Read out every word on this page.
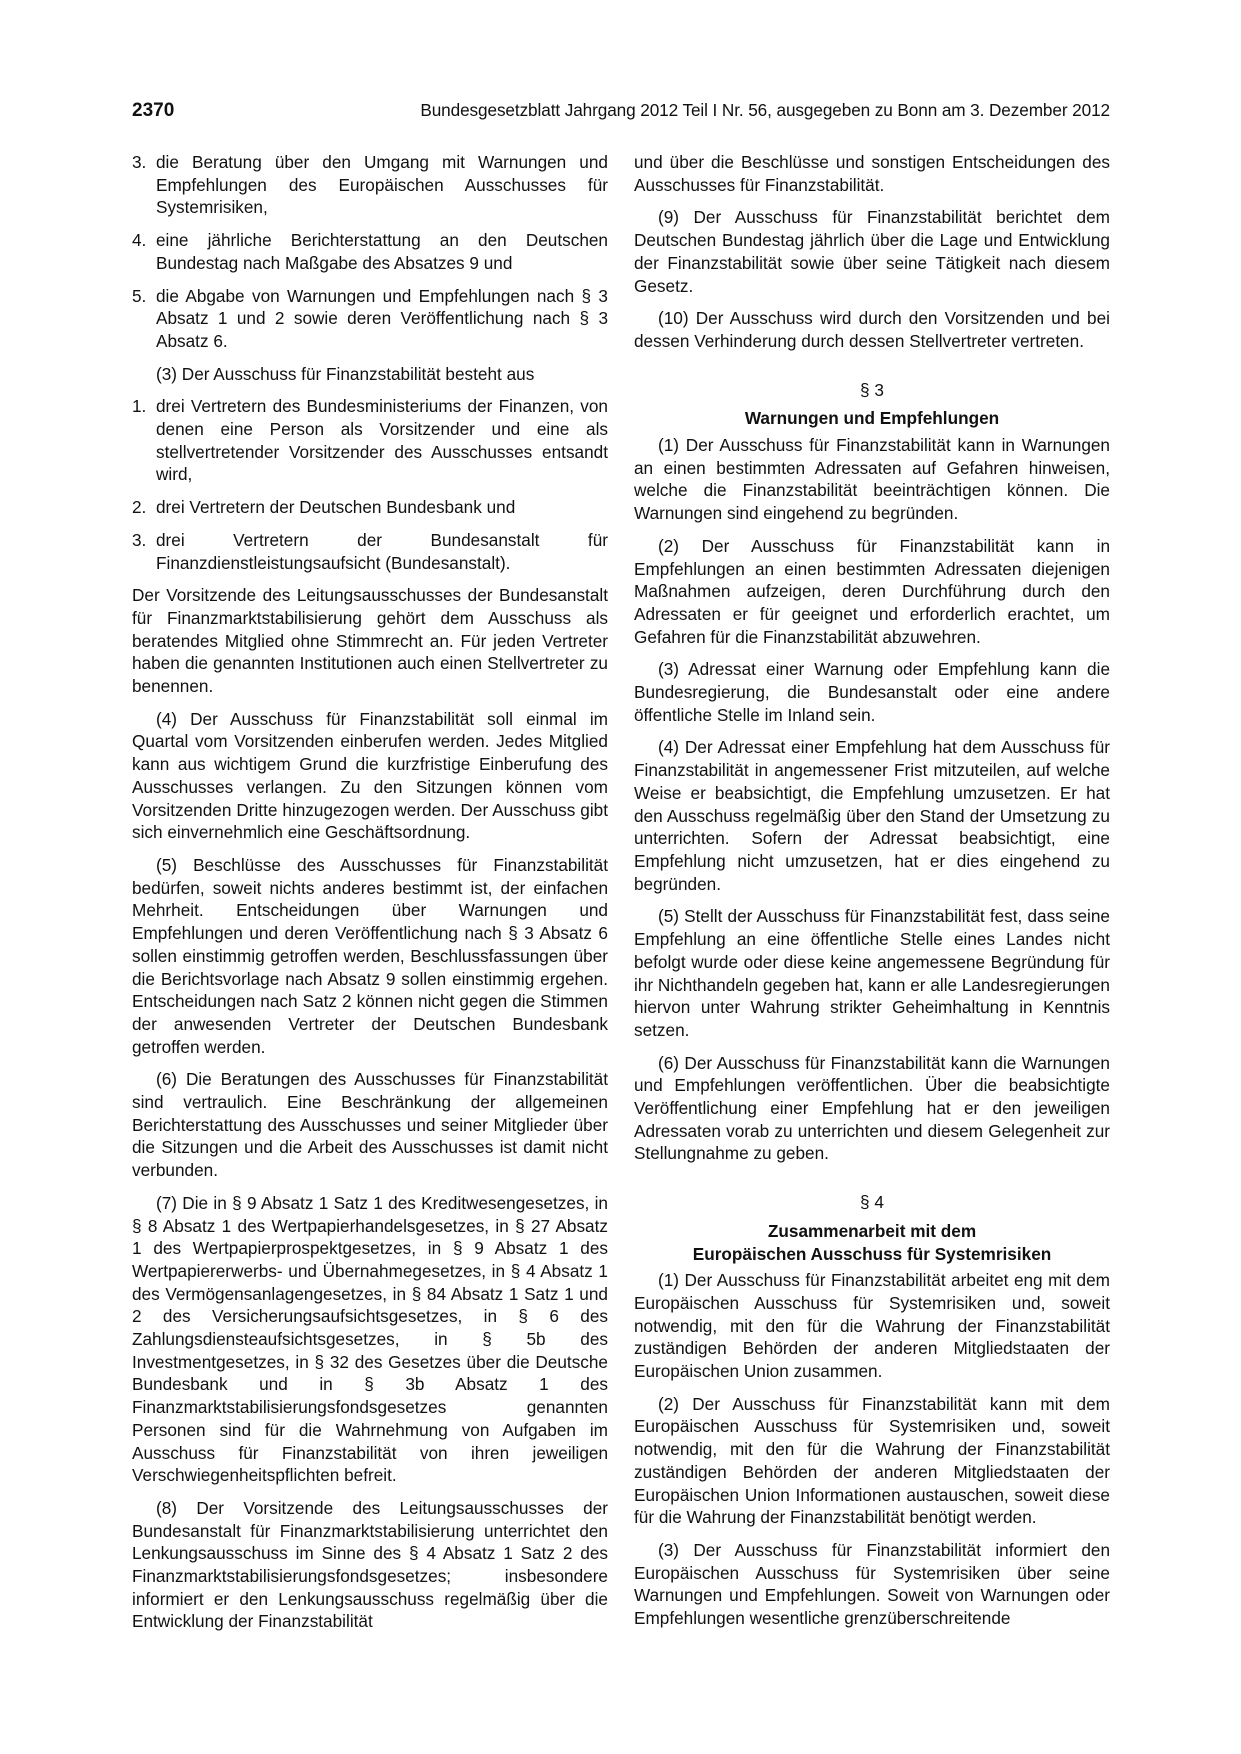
2370	Bundesgesetzblatt Jahrgang 2012 Teil I Nr. 56, ausgegeben zu Bonn am 3. Dezember 2012

3. die Beratung über den Umgang mit Warnungen und Empfehlungen des Europäischen Ausschusses für Systemrisiken,

4. eine jährliche Berichterstattung an den Deutschen Bundestag nach Maßgabe des Absatzes 9 und

5. die Abgabe von Warnungen und Empfehlungen nach § 3 Absatz 1 und 2 sowie deren Veröffentlichung nach § 3 Absatz 6.

(3) Der Ausschuss für Finanzstabilität besteht aus

1. drei Vertretern des Bundesministeriums der Finanzen, von denen eine Person als Vorsitzender und eine als stellvertretender Vorsitzender des Ausschusses entsandt wird,

2. drei Vertretern der Deutschen Bundesbank und

3. drei Vertretern der Bundesanstalt für Finanzdienstleistungsaufsicht (Bundesanstalt).

Der Vorsitzende des Leitungsausschusses der Bundesanstalt für Finanzmarktstabilisierung gehört dem Ausschuss als beratendes Mitglied ohne Stimmrecht an. Für jeden Vertreter haben die genannten Institutionen auch einen Stellvertreter zu benennen.

(4) Der Ausschuss für Finanzstabilität soll einmal im Quartal vom Vorsitzenden einberufen werden. Jedes Mitglied kann aus wichtigem Grund die kurzfristige Einberufung des Ausschusses verlangen. Zu den Sitzungen können vom Vorsitzenden Dritte hinzugezogen werden. Der Ausschuss gibt sich einvernehmlich eine Geschäftsordnung.

(5) Beschlüsse des Ausschusses für Finanzstabilität bedürfen, soweit nichts anderes bestimmt ist, der einfachen Mehrheit. Entscheidungen über Warnungen und Empfehlungen und deren Veröffentlichung nach § 3 Absatz 6 sollen einstimmig getroffen werden, Beschlussfassungen über die Berichtsvorlage nach Absatz 9 sollen einstimmig ergehen. Entscheidungen nach Satz 2 können nicht gegen die Stimmen der anwesenden Vertreter der Deutschen Bundesbank getroffen werden.

(6) Die Beratungen des Ausschusses für Finanzstabilität sind vertraulich. Eine Beschränkung der allgemeinen Berichterstattung des Ausschusses und seiner Mitglieder über die Sitzungen und die Arbeit des Ausschusses ist damit nicht verbunden.

(7) Die in § 9 Absatz 1 Satz 1 des Kreditwesengesetzes, in § 8 Absatz 1 des Wertpapierhandelsgesetzes, in § 27 Absatz 1 des Wertpapierprospektgesetzes, in § 9 Absatz 1 des Wertpapiererwerbs- und Übernahmegesetzes, in § 4 Absatz 1 des Vermögensanlagengesetzes, in § 84 Absatz 1 Satz 1 und 2 des Versicherungsaufsichtsgesetzes, in § 6 des Zahlungsdiensteaufsichtsgesetzes, in § 5b des Investmentgesetzes, in § 32 des Gesetzes über die Deutsche Bundesbank und in § 3b Absatz 1 des Finanzmarktstabilisierungsfondsgesetzes genannten Personen sind für die Wahrnehmung von Aufgaben im Ausschuss für Finanzstabilität von ihren jeweiligen Verschwiegenheitspflichten befreit.

(8) Der Vorsitzende des Leitungsausschusses der Bundesanstalt für Finanzmarktstabilisierung unterrichtet den Lenkungsausschuss im Sinne des § 4 Absatz 1 Satz 2 des Finanzmarktstabilisierungsfondsgesetzes; insbesondere informiert er den Lenkungsausschuss regelmäßig über die Entwicklung der Finanzstabilität

und über die Beschlüsse und sonstigen Entscheidungen des Ausschusses für Finanzstabilität.

(9) Der Ausschuss für Finanzstabilität berichtet dem Deutschen Bundestag jährlich über die Lage und Entwicklung der Finanzstabilität sowie über seine Tätigkeit nach diesem Gesetz.

(10) Der Ausschuss wird durch den Vorsitzenden und bei dessen Verhinderung durch dessen Stellvertreter vertreten.

§ 3

Warnungen und Empfehlungen

(1) Der Ausschuss für Finanzstabilität kann in Warnungen an einen bestimmten Adressaten auf Gefahren hinweisen, welche die Finanzstabilität beeinträchtigen können. Die Warnungen sind eingehend zu begründen.

(2) Der Ausschuss für Finanzstabilität kann in Empfehlungen an einen bestimmten Adressaten diejenigen Maßnahmen aufzeigen, deren Durchführung durch den Adressaten er für geeignet und erforderlich erachtet, um Gefahren für die Finanzstabilität abzuwehren.

(3) Adressat einer Warnung oder Empfehlung kann die Bundesregierung, die Bundesanstalt oder eine andere öffentliche Stelle im Inland sein.

(4) Der Adressat einer Empfehlung hat dem Ausschuss für Finanzstabilität in angemessener Frist mitzuteilen, auf welche Weise er beabsichtigt, die Empfehlung umzusetzen. Er hat den Ausschuss regelmäßig über den Stand der Umsetzung zu unterrichten. Sofern der Adressat beabsichtigt, eine Empfehlung nicht umzusetzen, hat er dies eingehend zu begründen.

(5) Stellt der Ausschuss für Finanzstabilität fest, dass seine Empfehlung an eine öffentliche Stelle eines Landes nicht befolgt wurde oder diese keine angemessene Begründung für ihr Nichthandeln gegeben hat, kann er alle Landesregierungen hiervon unter Wahrung strikter Geheimhaltung in Kenntnis setzen.

(6) Der Ausschuss für Finanzstabilität kann die Warnungen und Empfehlungen veröffentlichen. Über die beabsichtigte Veröffentlichung einer Empfehlung hat er den jeweiligen Adressaten vorab zu unterrichten und diesem Gelegenheit zur Stellungnahme zu geben.

§ 4

Zusammenarbeit mit dem
Europäischen Ausschuss für Systemrisiken

(1) Der Ausschuss für Finanzstabilität arbeitet eng mit dem Europäischen Ausschuss für Systemrisiken und, soweit notwendig, mit den für die Wahrung der Finanzstabilität zuständigen Behörden der anderen Mitgliedstaaten der Europäischen Union zusammen.

(2) Der Ausschuss für Finanzstabilität kann mit dem Europäischen Ausschuss für Systemrisiken und, soweit notwendig, mit den für die Wahrung der Finanzstabilität zuständigen Behörden der anderen Mitgliedstaaten der Europäischen Union Informationen austauschen, soweit diese für die Wahrung der Finanzstabilität benötigt werden.

(3) Der Ausschuss für Finanzstabilität informiert den Europäischen Ausschuss für Systemrisiken über seine Warnungen und Empfehlungen. Soweit von Warnungen oder Empfehlungen wesentliche grenzüberschreitende
